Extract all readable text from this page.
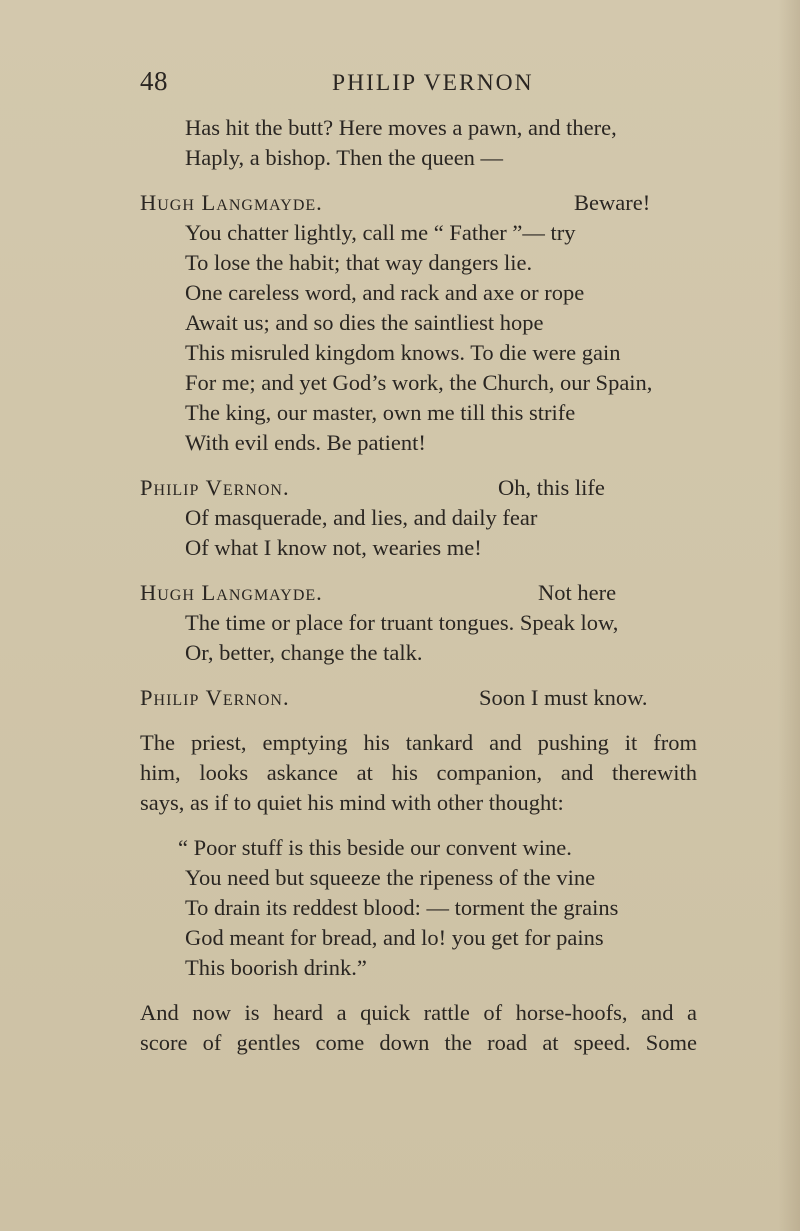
48	PHILIP VERNON
Has hit the butt? Here moves a pawn, and there,
Haply, a bishop. Then the queen —
Hugh Langmayde.	Beware!
You chatter lightly, call me “ Father ”— try
To lose the habit; that way dangers lie.
One careless word, and rack and axe or rope
Await us; and so dies the saintliest hope
This misruled kingdom knows. To die were gain
For me; and yet God’s work, the Church, our Spain,
The king, our master, own me till this strife
With evil ends. Be patient!
Philip Vernon.	Oh, this life
Of masquerade, and lies, and daily fear
Of what I know not, wearies me!
Hugh Langmayde.	Not here
The time or place for truant tongues. Speak low,
Or, better, change the talk.
Philip Vernon.	Soon I must know.
The priest, emptying his tankard and pushing it from
him, looks askance at his companion, and therewith
says, as if to quiet his mind with other thought:
“ Poor stuff is this beside our convent wine.
You need but squeeze the ripeness of the vine
To drain its reddest blood: — torment the grains
God meant for bread, and lo! you get for pains
This boorish drink.”
And now is heard a quick rattle of horse-hoofs, and a
score of gentles come down the road at speed. Some
